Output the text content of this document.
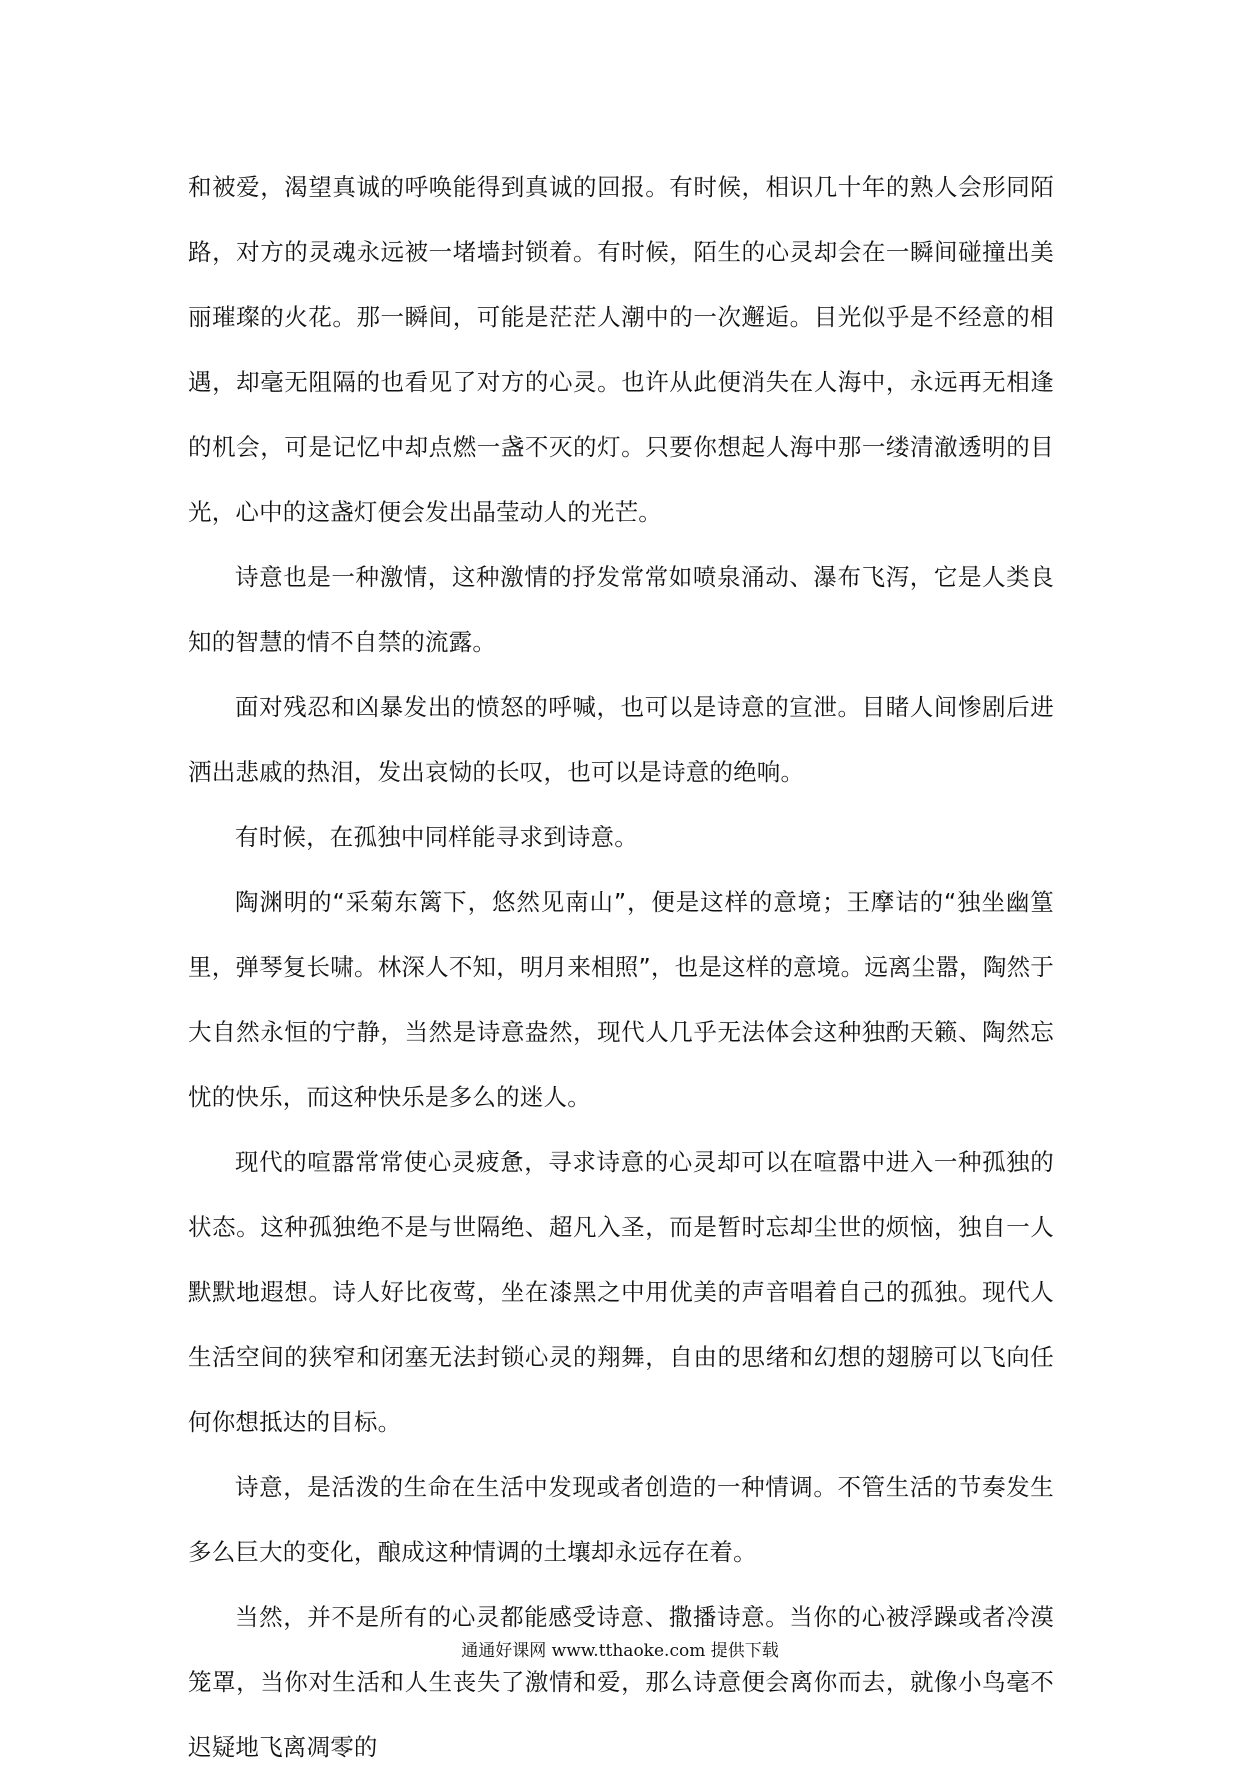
和被爱，渴望真诚的呼唤能得到真诚的回报。有时候，相识几十年的熟人会形同陌路，对方的灵魂永远被一堵墙封锁着。有时候，陌生的心灵却会在一瞬间碰撞出美丽璀璨的火花。那一瞬间，可能是茫茫人潮中的一次邂逅。目光似乎是不经意的相遇，却毫无阻隔的也看见了对方的心灵。也许从此便消失在人海中，永远再无相逢的机会，可是记忆中却点燃一盏不灭的灯。只要你想起人海中那一缕清澈透明的目光，心中的这盏灯便会发出晶莹动人的光芒。

诗意也是一种激情，这种激情的抒发常常如喷泉涌动、瀑布飞泻，它是人类良知的智慧的情不自禁的流露。

面对残忍和凶暴发出的愤怒的呼喊，也可以是诗意的宣泄。目睹人间惨剧后进洒出悲戚的热泪，发出哀恸的长叹，也可以是诗意的绝响。

有时候，在孤独中同样能寻求到诗意。

陶渊明的“采菊东篱下，悠然见南山”，便是这样的意境；王摩诘的“独坐幽篁里，弹琴复长啸。林深人不知，明月来相照”，也是这样的意境。远离尘嚣，陶然于大自然永恒的宁静，当然是诗意盎然，现代人几乎无法体会这种独酌天籁、陶然忘忧的快乐，而这种快乐是多么的迷人。

现代的喧嚣常常使心灵疲惫，寻求诗意的心灵却可以在喧嚣中进入一种孤独的状态。这种孤独绝不是与世隔绝、超凡入圣，而是暂时忘却尘世的烦恼，独自一人默默地遐想。诗人好比夜莺，坐在漆黑之中用优美的声音唱着自己的孤独。现代人生活空间的狭窄和闭塞无法封锁心灵的翔舞，自由的思绪和幻想的翅膀可以飞向任何你想抵达的目标。

诗意，是活泼的生命在生活中发现或者创造的一种情调。不管生活的节奏发生多么巨大的变化，酿成这种情调的土壤却永远存在着。

当然，并不是所有的心灵都能感受诗意、撒播诗意。当你的心被浮躁或者冷漠笼罩，当你对生活和人生丧失了激情和爱，那么诗意便会离你而去，就像小鸟毫不迟疑地飞离凋零的

通通好课网 www.tthaoke.com 提供下载
